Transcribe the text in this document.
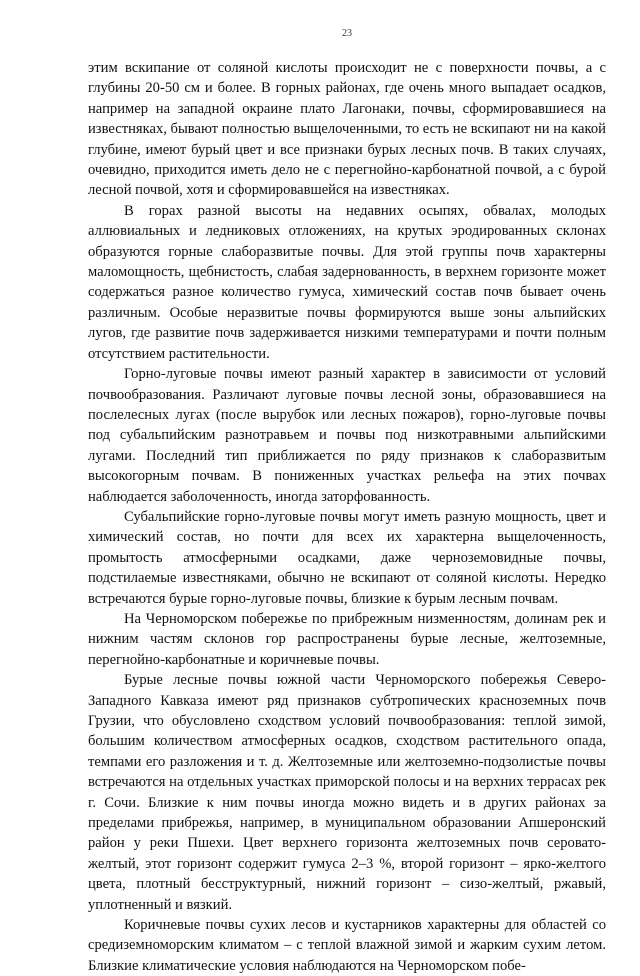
23

этим вскипание от соляной кислоты происходит не с поверхности почвы, а с глубины 20-50 см и более. В горных районах, где очень много выпадает осадков, например на западной окраине плато Лагонаки, почвы, сформировавшиеся на известняках, бывают полностью выщелоченными, то есть не вскипают ни на какой глубине, имеют бурый цвет и все признаки бурых лесных почв. В таких случаях, очевидно, приходится иметь дело не с перегнойно-карбонатной почвой, а с бурой лесной почвой, хотя и сформировавшейся на известняках.

В горах разной высоты на недавних осыпях, обвалах, молодых аллювиальных и ледниковых отложениях, на крутых эродированных склонах образуются горные слаборазвитые почвы. Для этой группы почв характерны маломощность, щебнистость, слабая задернованность, в верхнем горизонте может содержаться разное количество гумуса, химический состав почв бывает очень различным. Особые неразвитые почвы формируются выше зоны альпийских лугов, где развитие почв задерживается низкими температурами и почти полным отсутствием растительности.

Горно-луговые почвы имеют разный характер в зависимости от условий почвообразования. Различают луговые почвы лесной зоны, образовавшиеся на послелесных лугах (после вырубок или лесных пожаров), горно-луговые почвы под субальпийским разнотравьем и почвы под низкотравными альпийскими лугами. Последний тип приближается по ряду признаков к слаборазвитым высокогорным почвам. В пониженных участках рельефа на этих почвах наблюдается заболоченность, иногда заторфованность.

Субальпийские горно-луговые почвы могут иметь разную мощность, цвет и химический состав, но почти для всех их характерна выщелоченность, промытость атмосферными осадками, даже черноземовидные почвы, подстилаемые известняками, обычно не вскипают от соляной кислоты. Нередко встречаются бурые горно-луговые почвы, близкие к бурым лесным почвам.

На Черноморском побережье по прибрежным низменностям, долинам рек и нижним частям склонов гор распространены бурые лесные, желтоземные, перегнойно-карбонатные и коричневые почвы.

Бурые лесные почвы южной части Черноморского побережья Северо-Западного Кавказа имеют ряд признаков субтропических красноземных почв Грузии, что обусловлено сходством условий почвообразования: теплой зимой, большим количеством атмосферных осадков, сходством растительного опада, темпами его разложения и т. д. Желтоземные или желтоземно-подзолистые почвы встречаются на отдельных участках приморской полосы и на верхних террасах рек г. Сочи. Близкие к ним почвы иногда можно видеть и в других районах за пределами прибрежья, например, в муниципальном образовании Апшеронский район у реки Пшехи. Цвет верхнего горизонта желтоземных почв серовато-желтый, этот горизонт содержит гумуса 2–3 %, второй горизонт – ярко-желтого цвета, плотный бесструктурный, нижний горизонт – сизо-желтый, ржавый, уплотненный и вязкий.

Коричневые почвы сухих лесов и кустарников характерны для областей со средиземноморским климатом – с теплой влажной зимой и жарким сухим летом. Близкие климатические условия наблюдаются на Черноморском побе-
